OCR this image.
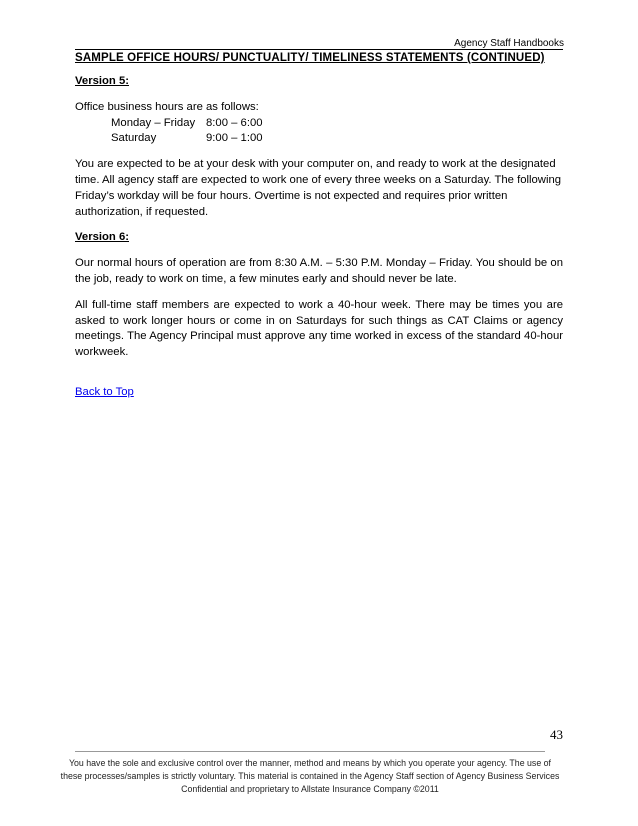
Agency Staff Handbooks
SAMPLE OFFICE HOURS/ PUNCTUALITY/ TIMELINESS STATEMENTS (CONTINUED)
Version 5:
Office business hours are as follows:
Monday – Friday	8:00 – 6:00
Saturday	9:00 – 1:00

You are expected to be at your desk with your computer on, and ready to work at the designated time. All agency staff are expected to work one of every three weeks on a Saturday. The following Friday’s workday will be four hours. Overtime is not expected and requires prior written authorization, if requested.

Version 6:

Our normal hours of operation are from 8:30 A.M. – 5:30 P.M. Monday – Friday. You should be on the job, ready to work on time, a few minutes early and should never be late.

All full-time staff members are expected to work a 40-hour week. There may be times you are asked to work longer hours or come in on Saturdays for such things as CAT Claims or agency meetings. The Agency Principal must approve any time worked in excess of the standard 40-hour workweek.

Back to Top
43
You have the sole and exclusive control over the manner, method and means by which you operate your agency. The use of these processes/samples is strictly voluntary. This material is contained in the Agency Staff section of Agency Business Services Confidential and proprietary to Allstate Insurance Company ©2011
